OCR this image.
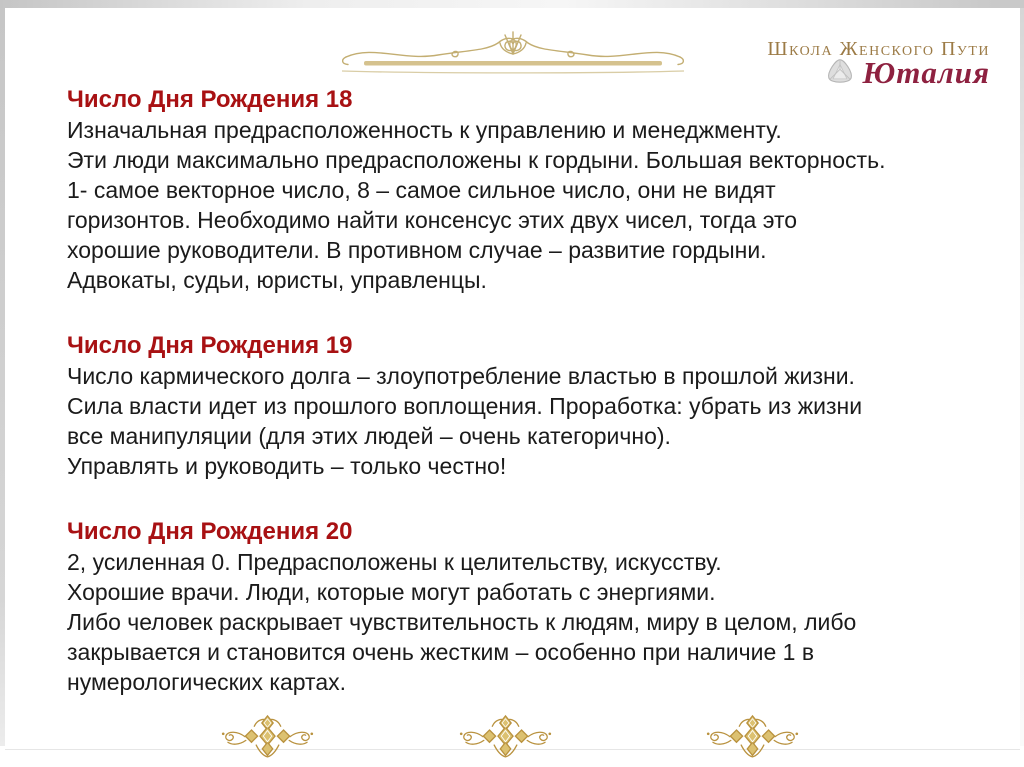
Школа Женского Пути
Юталия
Число Дня Рождения 18

Изначальная предрасположенность к управлению и менеджменту.

Эти люди максимально предрасположены к гордыни. Большая векторность.

1- самое векторное число, 8 – самое сильное число, они не видят

горизонтов. Необходимо найти консенсус этих двух чисел, тогда это

хорошие руководители. В противном случае – развитие гордыни.

Адвокаты, судьи, юристы, управленцы.

Число Дня Рождения 19

Число кармического долга – злоупотребление властью в прошлой жизни.

Сила власти идет из прошлого воплощения. Проработка: убрать из жизни

все манипуляции (для этих людей – очень категорично).

Управлять и руководить – только честно!

Число Дня Рождения 20

2, усиленная 0. Предрасположены к целительству, искусству.

Хорошие врачи. Люди, которые могут работать с энергиями.

Либо человек раскрывает чувствительность к людям, миру в целом, либо

закрывается и становится очень жестким – особенно при наличие 1 в

нумерологических картах.
